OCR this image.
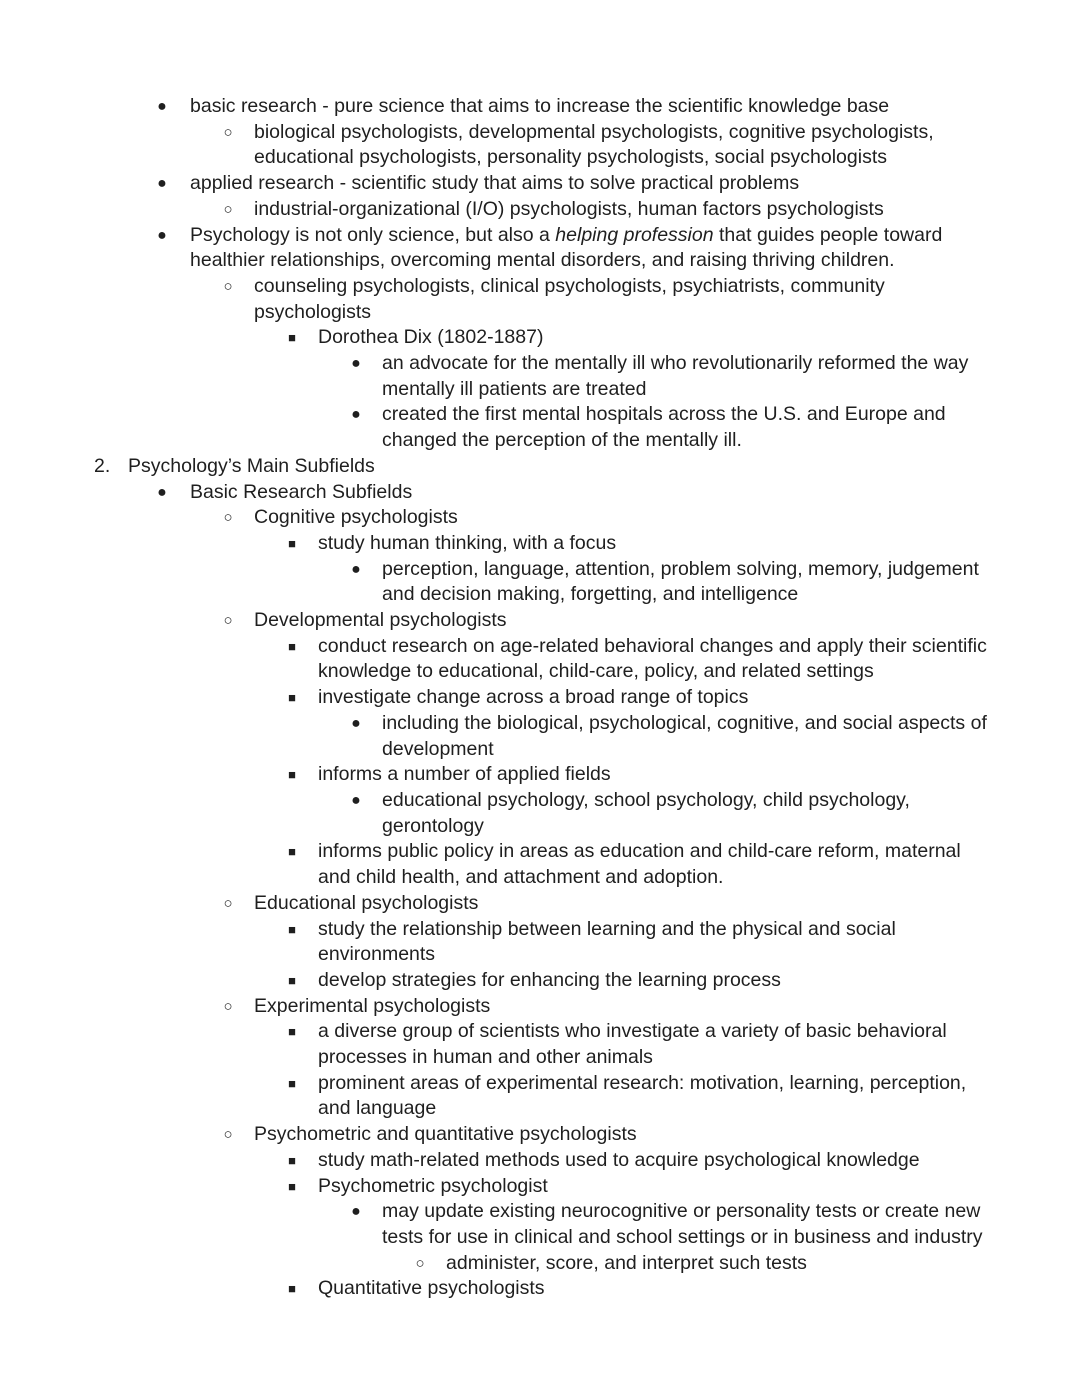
●	basic research - pure science that aims to increase the scientific knowledge base
○	biological psychologists, developmental psychologists, cognitive psychologists, educational psychologists, personality psychologists, social psychologists
●	applied research - scientific study that aims to solve practical problems
○	industrial-organizational (I/O) psychologists, human factors psychologists
●	Psychology is not only science, but also a helping profession that guides people toward healthier relationships, overcoming mental disorders, and raising thriving children.
○	counseling psychologists, clinical psychologists, psychiatrists, community psychologists
■	Dorothea Dix (1802-1887)
●	an advocate for the mentally ill who revolutionarily reformed the way mentally ill patients are treated
●	created the first mental hospitals across the U.S. and Europe and changed the perception of the mentally ill.
2. Psychology’s Main Subfields
●	Basic Research Subfields
○	Cognitive psychologists
■	study human thinking, with a focus
●	perception, language, attention, problem solving, memory, judgement and decision making, forgetting, and intelligence
○	Developmental psychologists
■	conduct research on age-related behavioral changes and apply their scientific knowledge to educational, child-care, policy, and related settings
■	investigate change across a broad range of topics
●	including the biological, psychological, cognitive, and social aspects of development
■	informs a number of applied fields
●	educational psychology, school psychology, child psychology, gerontology
■	informs public policy in areas as education and child-care reform, maternal and child health, and attachment and adoption.
○	Educational psychologists
■	study the relationship between learning and the physical and social environments
■	develop strategies for enhancing the learning process
○	Experimental psychologists
■	a diverse group of scientists who investigate a variety of basic behavioral processes in human and other animals
■	prominent areas of experimental research: motivation, learning, perception, and language
○	Psychometric and quantitative psychologists
■	study math-related methods used to acquire psychological knowledge
■	Psychometric psychologist
●	may update existing neurocognitive or personality tests or create new tests for use in clinical and school settings or in business and industry
○	administer, score, and interpret such tests
■	Quantitative psychologists
